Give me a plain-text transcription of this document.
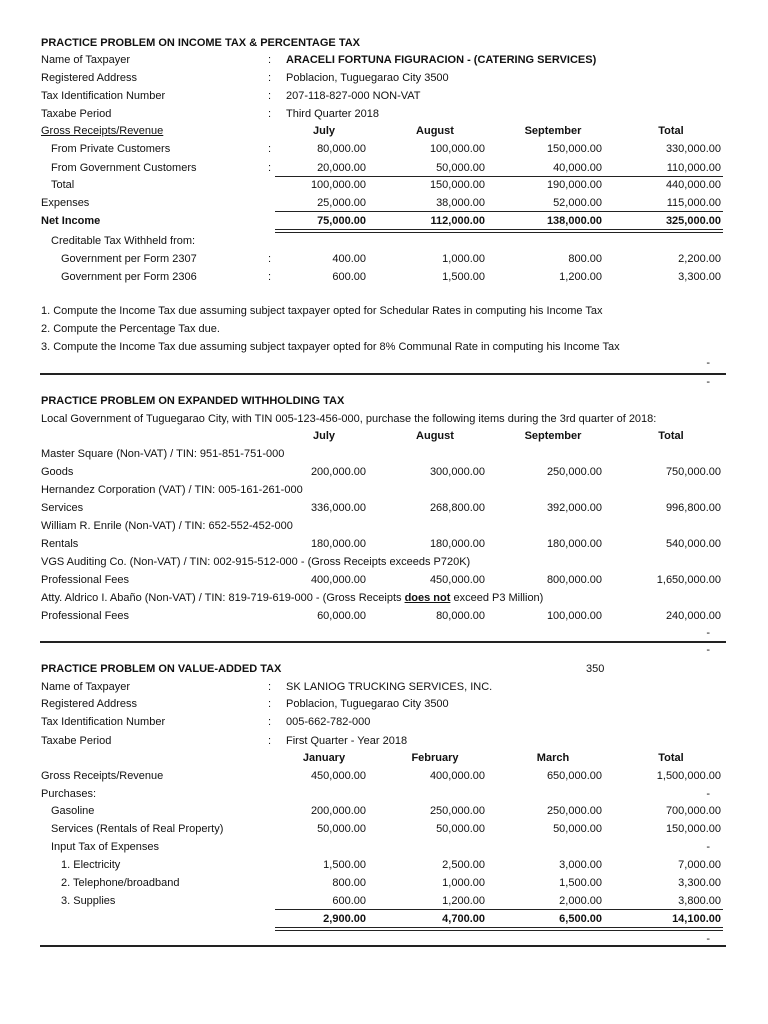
PRACTICE PROBLEM ON INCOME TAX & PERCENTAGE TAX
Name of Taxpayer	: ARACELI FORTUNA FIGURACION - (CATERING SERVICES)
Registered Address	: Poblacion, Tuguegarao City 3500
Tax Identification Number	: 207-118-827-000 NON-VAT
Taxabe Period	: Third Quarter 2018
Gross Receipts/Revenue	July	August	September	Total
From Private Customers	:	80,000.00	100,000.00	150,000.00	330,000.00
From Government Customers	:	20,000.00	50,000.00	40,000.00	110,000.00
Total	100,000.00	150,000.00	190,000.00	440,000.00
Expenses	25,000.00	38,000.00	52,000.00	115,000.00
Net Income	75,000.00	112,000.00	138,000.00	325,000.00
Creditable Tax Withheld from:
Government per Form 2307	:	400.00	1,000.00	800.00	2,200.00
Government per Form 2306	:	600.00	1,500.00	1,200.00	3,300.00
1. Compute the Income Tax due assuming subject taxpayer opted for Schedular Rates in computing his Income Tax
2. Compute the Percentage Tax due.
3. Compute the Income Tax due assuming subject taxpayer opted for 8% Communal Rate in computing his Income Tax
-
-
PRACTICE PROBLEM ON EXPANDED WITHHOLDING TAX
Local Government of Tuguegarao City, with TIN 005-123-456-000, purchase the following items during the 3rd quarter of 2018:
July	August	September	Total
Master Square (Non-VAT) / TIN: 951-851-751-000
Goods	200,000.00	300,000.00	250,000.00	750,000.00
Hernandez Corporation (VAT) / TIN: 005-161-261-000
Services	336,000.00	268,800.00	392,000.00	996,800.00
William R. Enrile (Non-VAT) / TIN: 652-552-452-000
Rentals	180,000.00	180,000.00	180,000.00	540,000.00
VGS Auditing Co. (Non-VAT) / TIN: 002-915-512-000 - (Gross Receipts exceeds P720K)
Professional Fees	400,000.00	450,000.00	800,000.00	1,650,000.00
Atty. Aldrico I. Abaño (Non-VAT) / TIN: 819-719-619-000 - (Gross Receipts does not exceed P3 Million)
Professional Fees	60,000.00	80,000.00	100,000.00	240,000.00
-
-
PRACTICE PROBLEM ON VALUE-ADDED TAX	350
Name of Taxpayer	: SK LANIOG TRUCKING SERVICES, INC.
Registered Address	: Poblacion, Tuguegarao City 3500
Tax Identification Number	: 005-662-782-000
Taxabe Period	: First Quarter - Year 2018
January	February	March	Total
Gross Receipts/Revenue	450,000.00	400,000.00	650,000.00	1,500,000.00
Purchases:	-
Gasoline	200,000.00	250,000.00	250,000.00	700,000.00
Services (Rentals of Real Property)	50,000.00	50,000.00	50,000.00	150,000.00
Input Tax of Expenses	-
1. Electricity	1,500.00	2,500.00	3,000.00	7,000.00
2. Telephone/broadband	800.00	1,000.00	1,500.00	3,300.00
3. Supplies	600.00	1,200.00	2,000.00	3,800.00
2,900.00	4,700.00	6,500.00	14,100.00
-
